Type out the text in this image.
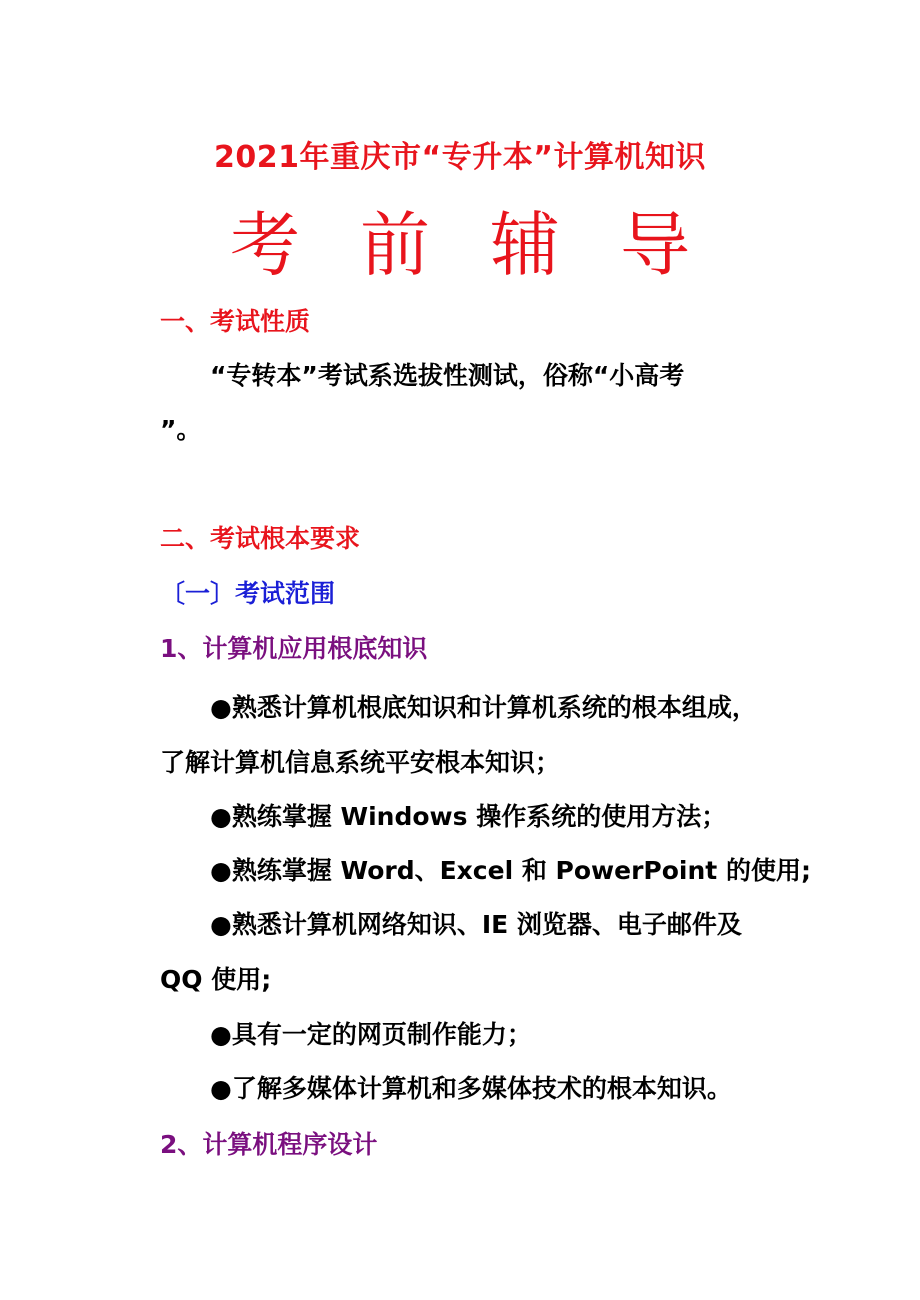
2021年重庆市“专升本”计算机知识
考 前 辅 导
一、考试性质
“专转本”考试系选拔性测试，俗称“小高考
”。
二、考试根本要求
〔一〕考试范围
1、计算机应用根底知识
●熟悉计算机根底知识和计算机系统的根本组成，
了解计算机信息系统平安根本知识；
●熟练掌握 Windows 操作系统的使用方法；
●熟练掌握 Word、Excel 和 PowerPoint 的使用;
●熟悉计算机网络知识、IE 浏览器、电子邮件及
QQ 使用;
●具有一定的网页制作能力；
●了解多媒体计算机和多媒体技术的根本知识。
2、计算机程序设计
